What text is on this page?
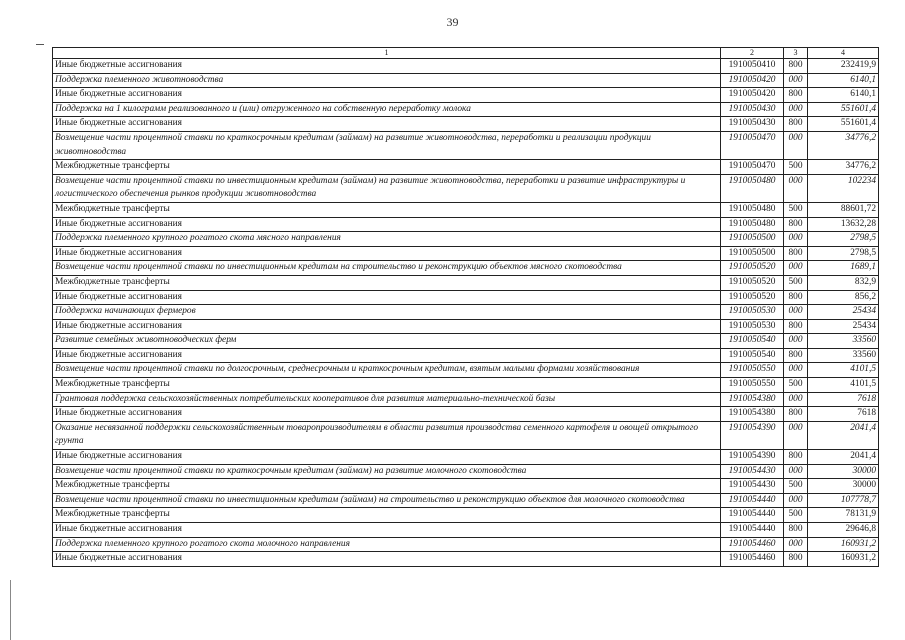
39
1	2	3	4
Иные бюджетные ассигнования	1910050410	800	232419,9
Поддержка племенного животноводства	1910050420	000	6140,1
Иные бюджетные ассигнования	1910050420	800	6140,1
Поддержка на 1 килограмм реализованного и (или) отгруженного на собственную переработку молока	1910050430	000	551601,4
Иные бюджетные ассигнования	1910050430	800	551601,4
Возмещение части процентной ставки по краткосрочным кредитам (займам) на развитие животноводства, переработки и реализации продукции животноводства	1910050470	000	34776,2
Межбюджетные трансферты	1910050470	500	34776,2
Возмещение части процентной ставки по инвестиционным кредитам (займам) на развитие животноводства, переработки и развитие инфраструктуры и логистического обеспечения рынков продукции животноводства	1910050480	000	102234
Межбюджетные трансферты	1910050480	500	88601,72
Иные бюджетные ассигнования	1910050480	800	13632,28
Поддержка племенного крупного рогатого скота мясного направления	1910050500	000	2798,5
Иные бюджетные ассигнования	1910050500	800	2798,5
Возмещение части процентной ставки по инвестиционным кредитам на строительство и реконструкцию объектов мясного скотоводства	1910050520	000	1689,1
Межбюджетные трансферты	1910050520	500	832,9
Иные бюджетные ассигнования	1910050520	800	856,2
Поддержка начинающих фермеров	1910050530	000	25434
Иные бюджетные ассигнования	1910050530	800	25434
Развитие семейных животноводческих ферм	1910050540	000	33560
Иные бюджетные ассигнования	1910050540	800	33560
Возмещение части процентной ставки по долгосрочным, среднесрочным и краткосрочным кредитам, взятым малыми формами хозяйствования	1910050550	000	4101,5
Межбюджетные трансферты	1910050550	500	4101,5
Грантовая поддержка сельскохозяйственных потребительских кооперативов для развития материально-технической базы	1910054380	000	7618
Иные бюджетные ассигнования	1910054380	800	7618
Оказание несвязанной поддержки сельскохозяйственным товаропроизводителям в области развития производства семенного картофеля и овощей открытого грунта	1910054390	000	2041,4
Иные бюджетные ассигнования	1910054390	800	2041,4
Возмещение части процентной ставки по краткосрочным кредитам (займам) на развитие молочного скотоводства	1910054430	000	30000
Межбюджетные трансферты	1910054430	500	30000
Возмещение части процентной ставки по инвестиционным кредитам (займам) на строительство и реконструкцию объектов для молочного скотоводства	1910054440	000	107778,7
Межбюджетные трансферты	1910054440	500	78131,9
Иные бюджетные ассигнования	1910054440	800	29646,8
Поддержка племенного крупного рогатого скота молочного направления	1910054460	000	160931,2
Иные бюджетные ассигнования	1910054460	800	160931,2
